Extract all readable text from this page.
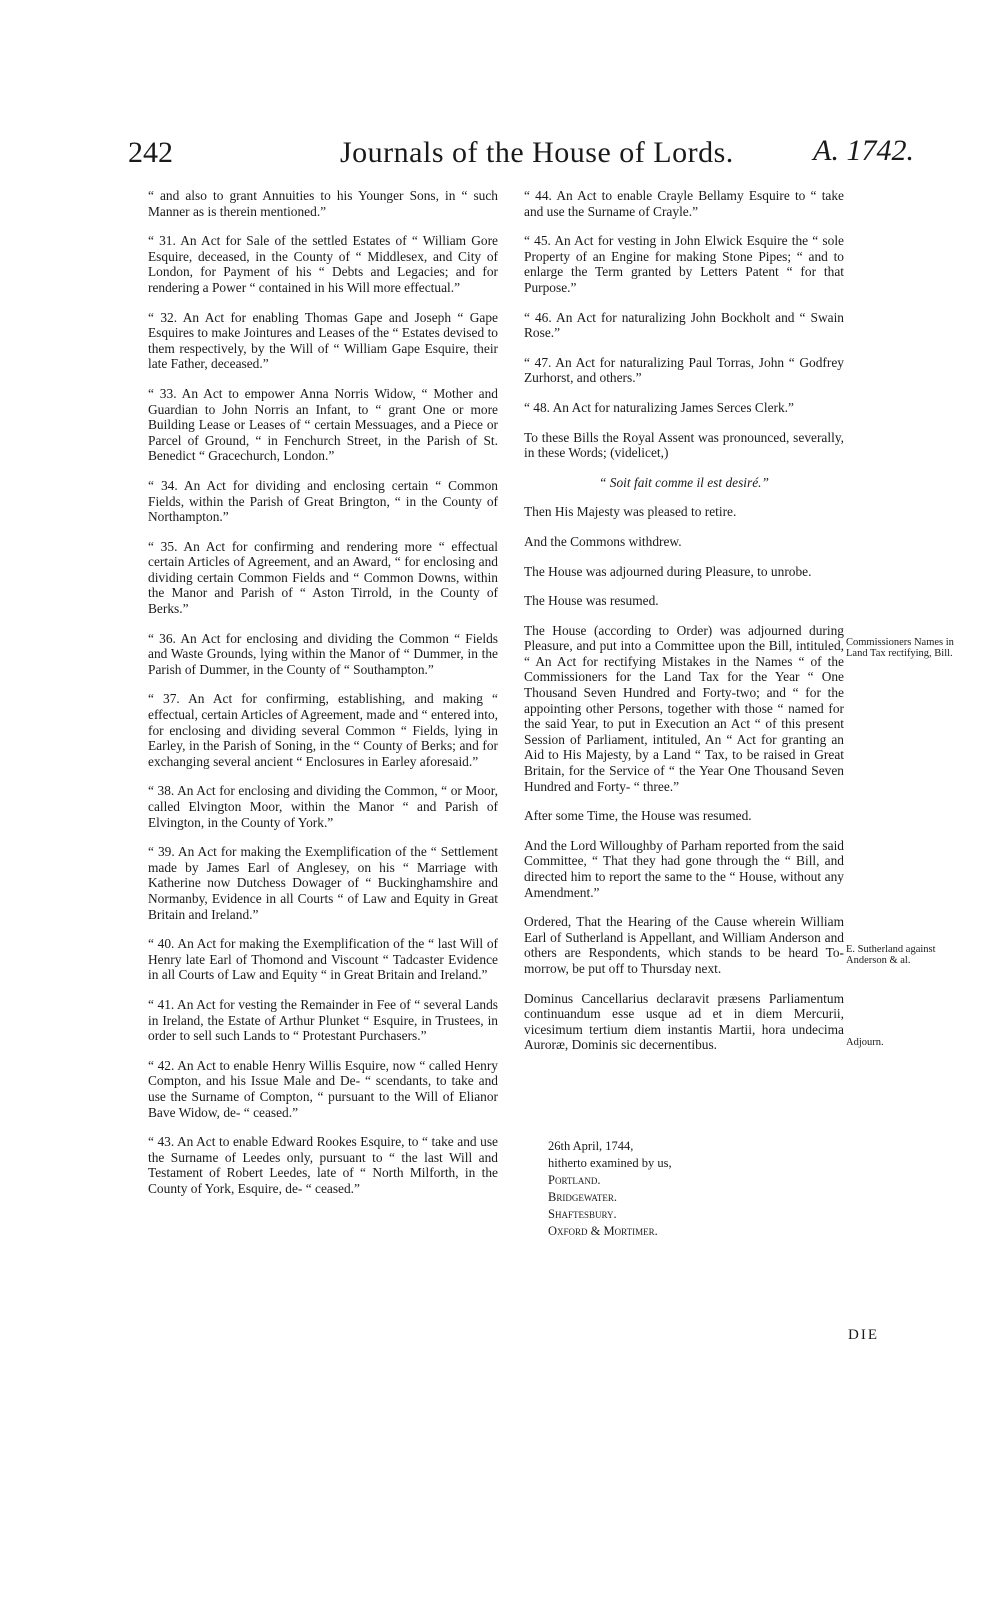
242	Journals of the House of Lords.	A. 1742.

“ and also to grant Annuities to his Younger Sons, in “ such Manner as is therein mentioned.”

“ 31. An Act for Sale of the settled Estates of “ William Gore Esquire, deceased, in the County of “ Middlesex, and City of London, for Payment of his “ Debts and Legacies; and for rendering a Power “ contained in his Will more effectual.”

“ 32. An Act for enabling Thomas Gape and Joseph “ Gape Esquires to make Jointures and Leases of the “ Estates devised to them respectively, by the Will of “ William Gape Esquire, their late Father, deceased.”

“ 33. An Act to empower Anna Norris Widow, “ Mother and Guardian to John Norris an Infant, to “ grant One or more Building Lease or Leases of “ certain Messuages, and a Piece or Parcel of Ground, “ in Fenchurch Street, in the Parish of St. Benedict “ Gracechurch, London.”

“ 34. An Act for dividing and enclosing certain “ Common Fields, within the Parish of Great Brington, “ in the County of Northampton.”

“ 35. An Act for confirming and rendering more “ effectual certain Articles of Agreement, and an Award, “ for enclosing and dividing certain Common Fields and “ Common Downs, within the Manor and Parish of “ Aston Tirrold, in the County of Berks.”

“ 36. An Act for enclosing and dividing the Common “ Fields and Waste Grounds, lying within the Manor of “ Dummer, in the Parish of Dummer, in the County of “ Southampton.”

“ 37. An Act for confirming, establishing, and making “ effectual, certain Articles of Agreement, made and “ entered into, for enclosing and dividing several Common “ Fields, lying in Earley, in the Parish of Soning, in the “ County of Berks; and for exchanging several ancient “ Enclosures in Earley aforesaid.”

“ 38. An Act for enclosing and dividing the Common, “ or Moor, called Elvington Moor, within the Manor “ and Parish of Elvington, in the County of York.”

“ 39. An Act for making the Exemplification of the “ Settlement made by James Earl of Anglesey, on his “ Marriage with Katherine now Dutchess Dowager of “ Buckinghamshire and Normanby, Evidence in all Courts “ of Law and Equity in Great Britain and Ireland.”

“ 40. An Act for making the Exemplification of the “ last Will of Henry late Earl of Thomond and Viscount “ Tadcaster Evidence in all Courts of Law and Equity “ in Great Britain and Ireland.”

“ 41. An Act for vesting the Remainder in Fee of “ several Lands in Ireland, the Estate of Arthur Plunket “ Esquire, in Trustees, in order to sell such Lands to “ Protestant Purchasers.”

“ 42. An Act to enable Henry Willis Esquire, now “ called Henry Compton, and his Issue Male and De- “ scendants, to take and use the Surname of Compton, “ pursuant to the Will of Elianor Bave Widow, de- “ ceased.”

“ 43. An Act to enable Edward Rookes Esquire, to “ take and use the Surname of Leedes only, pursuant to “ the last Will and Testament of Robert Leedes, late of “ North Milforth, in the County of York, Esquire, de- “ ceased.”

“ 44. An Act to enable Crayle Bellamy Esquire to “ take and use the Surname of Crayle.”

“ 45. An Act for vesting in John Elwick Esquire the “ sole Property of an Engine for making Stone Pipes; “ and to enlarge the Term granted by Letters Patent “ for that Purpose.”

“ 46. An Act for naturalizing John Bockholt and “ Swain Rose.”

“ 47. An Act for naturalizing Paul Torras, John “ Godfrey Zurhorst, and others.”

“ 48. An Act for naturalizing James Serces Clerk.”

To these Bills the Royal Assent was pronounced, severally, in these Words; (videlicet,)

“ Soit fait comme il est desiré.”

Then His Majesty was pleased to retire.

And the Commons withdrew.

The House was adjourned during Pleasure, to unrobe.

The House was resumed.

The House (according to Order) was adjourned during Pleasure, and put into a Committee upon the Bill, intituled, “ An Act for rectifying Mistakes in the Names “ of the Commissioners for the Land Tax for the Year “ One Thousand Seven Hundred and Forty-two; and “ for the appointing other Persons, together with those “ named for the said Year, to put in Execution an Act “ of this present Session of Parliament, intituled, An “ Act for granting an Aid to His Majesty, by a Land “ Tax, to be raised in Great Britain, for the Service of “ the Year One Thousand Seven Hundred and Forty- “ three.”

After some Time, the House was resumed.

And the Lord Willoughby of Parham reported from the said Committee, “ That they had gone through the “ Bill, and directed him to report the same to the “ House, without any Amendment.”

Ordered, That the Hearing of the Cause wherein William Earl of Sutherland is Appellant, and William Anderson and others are Respondents, which stands to be heard To-morrow, be put off to Thursday next.

Dominus Cancellarius declaravit præsens Parliamentum continuandum esse usque ad et in diem Mercurii, vicesimum tertium diem instantis Martii, hora undecima Auroræ, Dominis sic decernentibus.

Commissioners Names in Land Tax rectifying, Bill.
E. Sutherland against Anderson & al.
Adjourn.
26th April, 1744,
hitherto examined by us,
Portland.
Bridgewater.
Shaftesbury.
Oxford & Mortimer.
DIE
